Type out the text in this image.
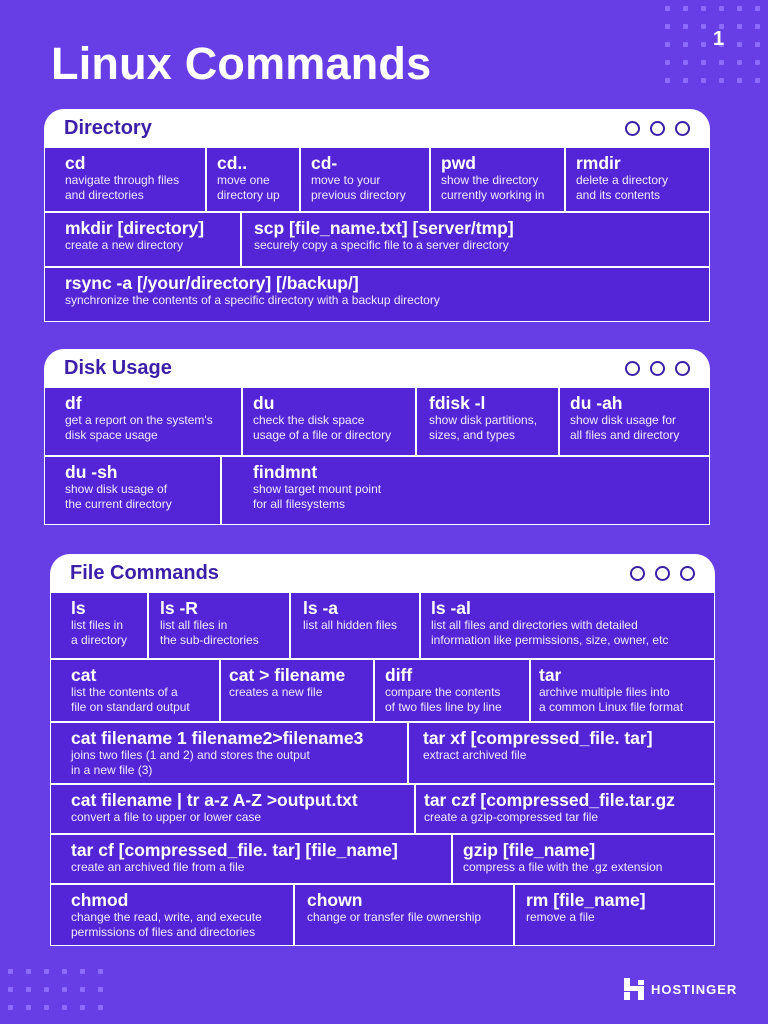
Linux Commands	1
Directory
cd
navigate through files
and directories
cd..
move one
directory up
cd-
move to your
previous directory
pwd
show the directory
currently working in
rmdir
delete a directory
and its contents
mkdir [directory]
create a new directory
scp [file_name.txt] [server/tmp]
securely copy a specific file to a server directory
rsync -a [/your/directory] [/backup/]
synchronize the contents of a specific directory with a backup directory
Disk Usage
df
get a report on the system's
disk space usage
du
check the disk space
usage of a file or directory
fdisk -l
show disk partitions,
sizes, and types
du -ah
show disk usage for
all files and directory
du -sh
show disk usage of
the current directory
findmnt
show target mount point
for all filesystems
File Commands
ls
list files in
a directory
ls -R
list all files in
the sub-directories
ls -a
list all hidden files
ls -al
list all files and directories with detailed
information like permissions, size, owner, etc
cat
list the contents of a
file on standard output
cat > filename
creates a new file
diff
compare the contents
of two files line by line
tar
archive multiple files into
a common Linux file format
cat filename 1 filename2>filename3
joins two files (1 and 2) and stores the output
in a new file (3)
tar xf [compressed_file. tar]
extract archived file
cat filename | tr a-z A-Z >output.txt
convert a file to upper or lower case
tar czf [compressed_file.tar.gz
create a gzip-compressed tar file
tar cf [compressed_file. tar] [file_name]
create an archived file from a file
gzip [file_name]
compress a file with the .gz extension
chmod
change the read, write, and execute
permissions of files and directories
chown
change or transfer file ownership
rm [file_name]
remove a file
HOSTINGER
